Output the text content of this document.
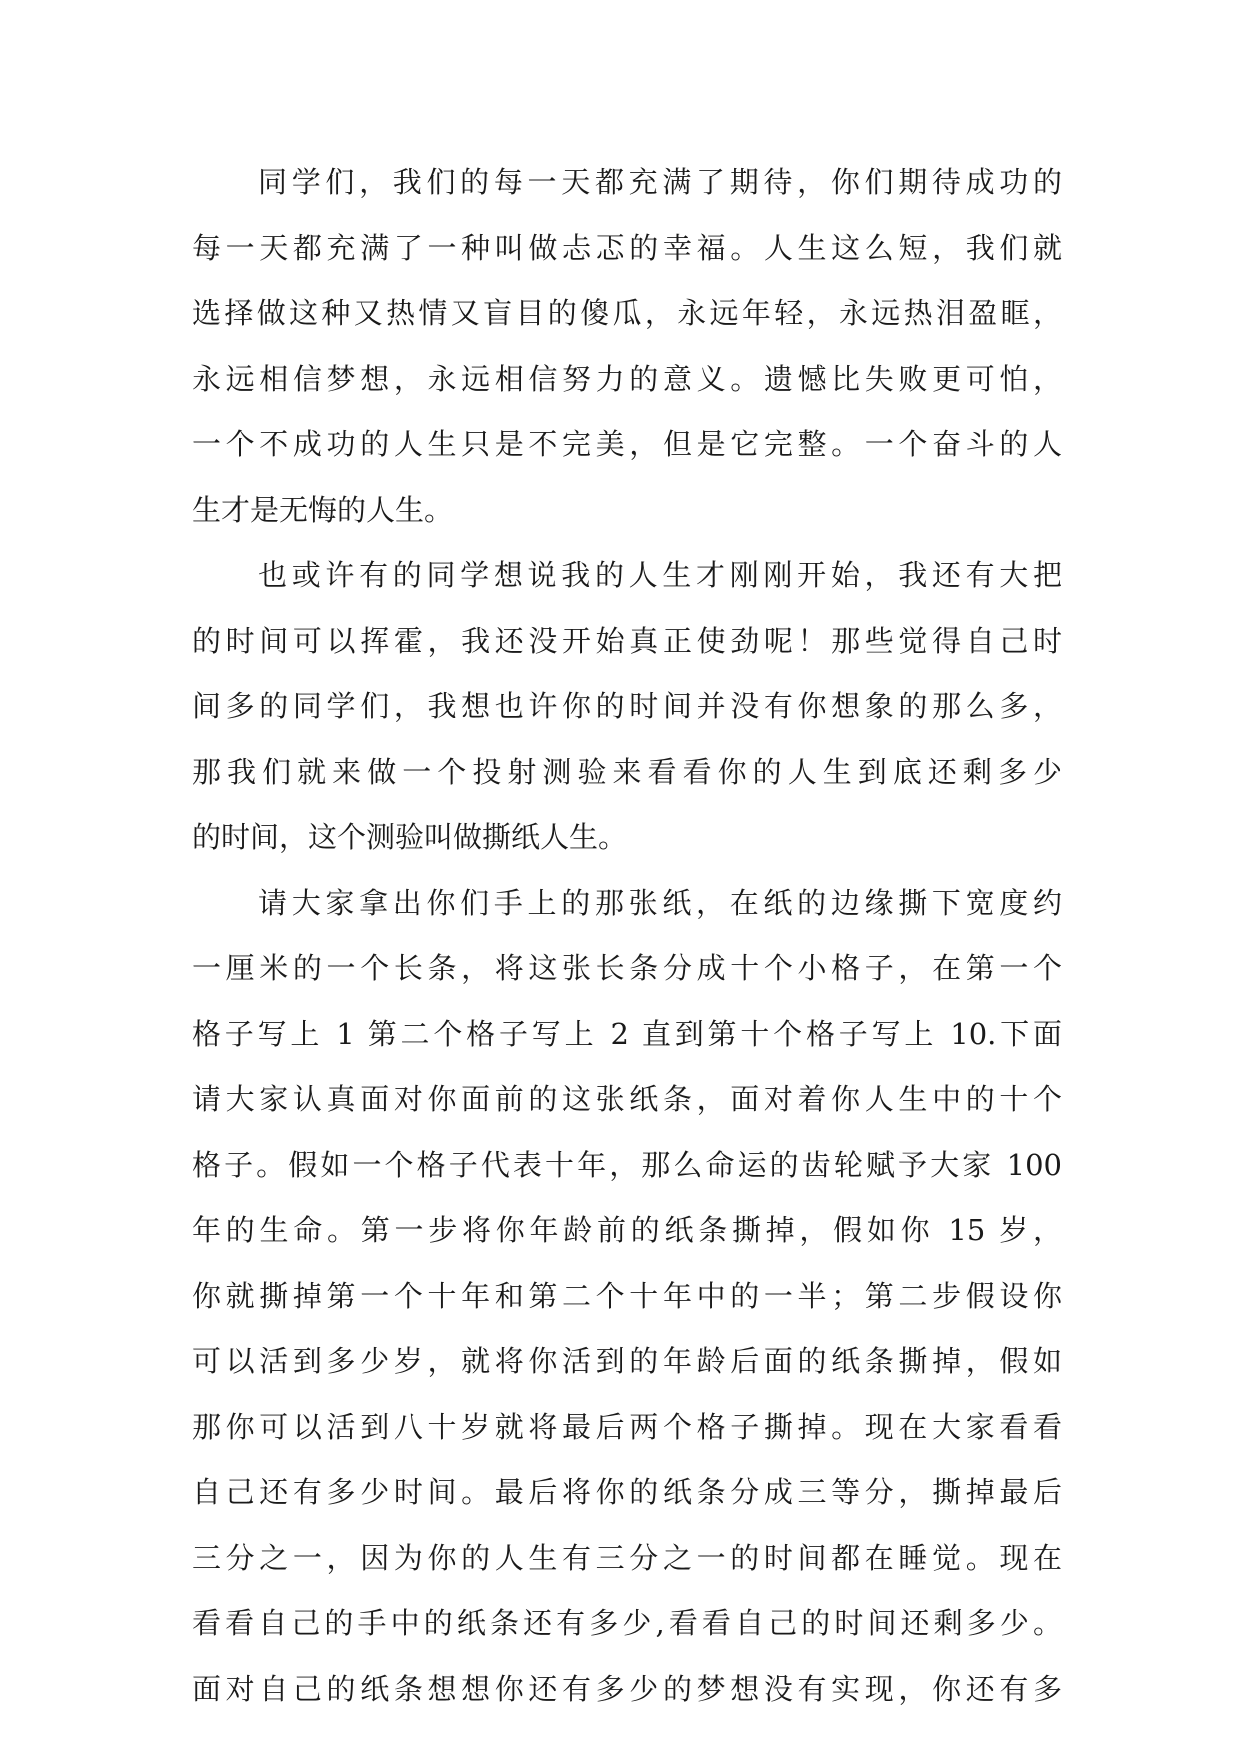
同学们，我们的每一天都充满了期待，你们期待成功的
每一天都充满了一种叫做忐忑的幸福。人生这么短，我们就
选择做这种又热情又盲目的傻瓜，永远年轻，永远热泪盈眶，
永远相信梦想，永远相信努力的意义。遗憾比失败更可怕，
一个不成功的人生只是不完美，但是它完整。一个奋斗的人
生才是无悔的人生。
也或许有的同学想说我的人生才刚刚开始，我还有大把
的时间可以挥霍，我还没开始真正使劲呢！那些觉得自己时
间多的同学们，我想也许你的时间并没有你想象的那么多，
那我们就来做一个投射测验来看看你的人生到底还剩多少
的时间，这个测验叫做撕纸人生。
请大家拿出你们手上的那张纸，在纸的边缘撕下宽度约
一厘米的一个长条，将这张长条分成十个小格子，在第一个
格子写上 1 第二个格子写上 2 直到第十个格子写上 10.下面
请大家认真面对你面前的这张纸条，面对着你人生中的十个
格子。假如一个格子代表十年，那么命运的齿轮赋予大家 100
年的生命。第一步将你年龄前的纸条撕掉，假如你 15 岁，
你就撕掉第一个十年和第二个十年中的一半；第二步假设你
可以活到多少岁，就将你活到的年龄后面的纸条撕掉，假如
那你可以活到八十岁就将最后两个格子撕掉。现在大家看看
自己还有多少时间。最后将你的纸条分成三等分，撕掉最后
三分之一，因为你的人生有三分之一的时间都在睡觉。现在
看看自己的手中的纸条还有多少,看看自己的时间还剩多少。
面对自己的纸条想想你还有多少的梦想没有实现，你还有多
